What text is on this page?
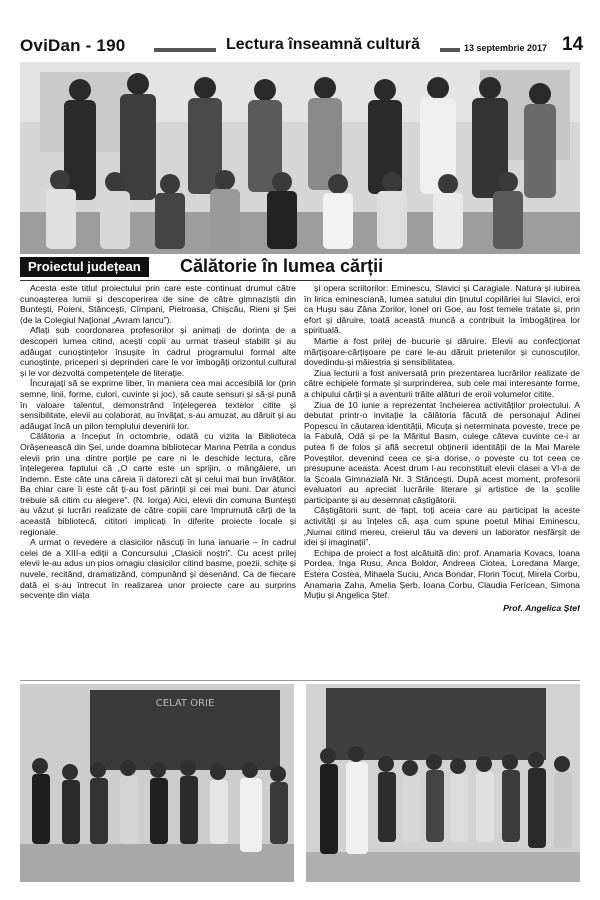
OviDan - 190	Lectura înseamnă cultură	13 septembrie 2017 14
Proiectul județean	Călătorie în lumea cărții

Acesta este titlul proiectului prin care este continuat drumul către cunoașterea lumii și descoperirea de sine de către gimnaziștii din Bunteşti, Poieni, Stâncești, Cîmpani, Pietroasa, Chișcău, Rieni și Șei (de la Colegiul Național „Avram Iancu”).

Aflați sub coordonarea profesorilor și animați de dorința de a descoperi lumea citind, acești copii au urmat traseul stabilit și au adăugat cunoștințelor însușite în cadrul programului formal alte cunoștințe, priceperi și deprinderi care le vor îmbogăți orizontul cultural și le vor dezvolta competențele de literație.

Încurajați să se exprime liber, în maniera cea mai accesibilă lor (prin semne, linii, forme, culori, cuvinte și joc), să caute sensuri și să-și pună în valoare talentul, demonstrând înțelegerea textelor citite și sensibilitate, elevii au colaborat, au învățat, s-au amuzat, au dăruit și au adăugat încă un pilon templului devenirii lor.

Călătoria a început în octombrie, odată cu vizita la Biblioteca Orășenească din Șei, unde doamna bibliotecar Marina Petrila a condus elevii prin una dintre porțile pe care ni le deschide lectura, căre înțelegerea faptului că „O carte este un sprijin, o mângâiere, un îndemn. Este câte una căreia îi datorezi cât și celui mai bun învățător. Ba chiar care îi este cât ți-au fost părinții și cei mai buni. Dar atunci trebuie să citim cu alegere”. (N. Iorga) Aici, elevii din comuna Bunteşti au văzut și lucrări realizate de către copiii care împrumută cărți de la această bibliotecă, cititori implicați în diferite proiecte locale și regionale.

A urmat o revedere a clasicilor născuți în luna ianuarie – în cadrul celei de a XIII-a ediții a Concursului „Clasicii noștri”. Cu acest prilej elevii le-au adus un pios omagiu clasicilor citind basme, poezii, schițe și nuvele, recitând, dramatizând, compunând și desenând. Ca de fiecare dată ei s-au întrecut în realizarea unor proiecte care au surprins secvențe din viața

și opera scriitorilor: Eminescu, Slavici și Caragiale. Natura și iubirea în lirica eminesciană, lumea satului din ținutul copilăriei lui Slavici, eroi ca Hușu sau Zâna Zorilor, Ionel ori Goe, au fost temele tratate și, prin efort și dăruire, toată această muncă a contribuit la îmbogățirea lor spirituală.

Martie a fost prilej de bucurie și dăruire. Elevii au confecționat mărțișoare-cărțișoare pe care le-au dăruit prietenilor și cunoscuților, dovedindu-și măiestria și sensibilitatea.

Ziua lecturii a fost aniversată prin prezentarea lucrărilor realizate de către echipele formate și surprinderea, sub cele mai interesante forme, a chipului cărții și a aventurii trăite alături de eroii volumelor citite.

Ziua de 10 iunie a reprezentat încheierea activităților proiectului. A debutat printr-o invitație la călătoria făcută de personajul Adinei Popescu în căutarea identității, Micuța și neterminata poveste, trece pe la Fabulă, Odă și pe la Măritul Basm, culege câteva cuvinte ce-i ar putea fi de folos și află secretul obținerii identității de la Mai Marele Poveștilor, devenind ceea ce și-a dorise, o poveste cu tot ceea ce presupune aceasta. Acest drum l-au reconstituit elevii clasei a VI-a de la Școala Gimnazială Nr. 3 Stâncești. După acest moment, profesorii evaluatori au apreciat lucrările literare și artistice de la școlile participante și au desemnat câștigătorii.

Câștigătorii sunt, de fapt, toți aceia care au participat la aceste activități și au înțeles că, așa cum spune poetul Mihai Eminescu, „Numai citind mereu, creierul tău va deveni un laborator nesfârșit de idei și imaginații”.

Echipa de proiect a fost alcătuită din: prof. Anamaria Kovacs, Ioana Pordea, Inga Rusu, Anca Boldor, Andreea Ciotea, Loredana Marge, Estera Costea, Mihaela Suciu, Anca Bondar, Florin Tocuț, Mirela Corbu, Anamaria Zaha, Amelia Șerb, Ioana Corbu, Claudia Ferícean, Simona Muțiu și Angelica Ștef.

Prof. Angelica Ștef

CELAT ORIE
